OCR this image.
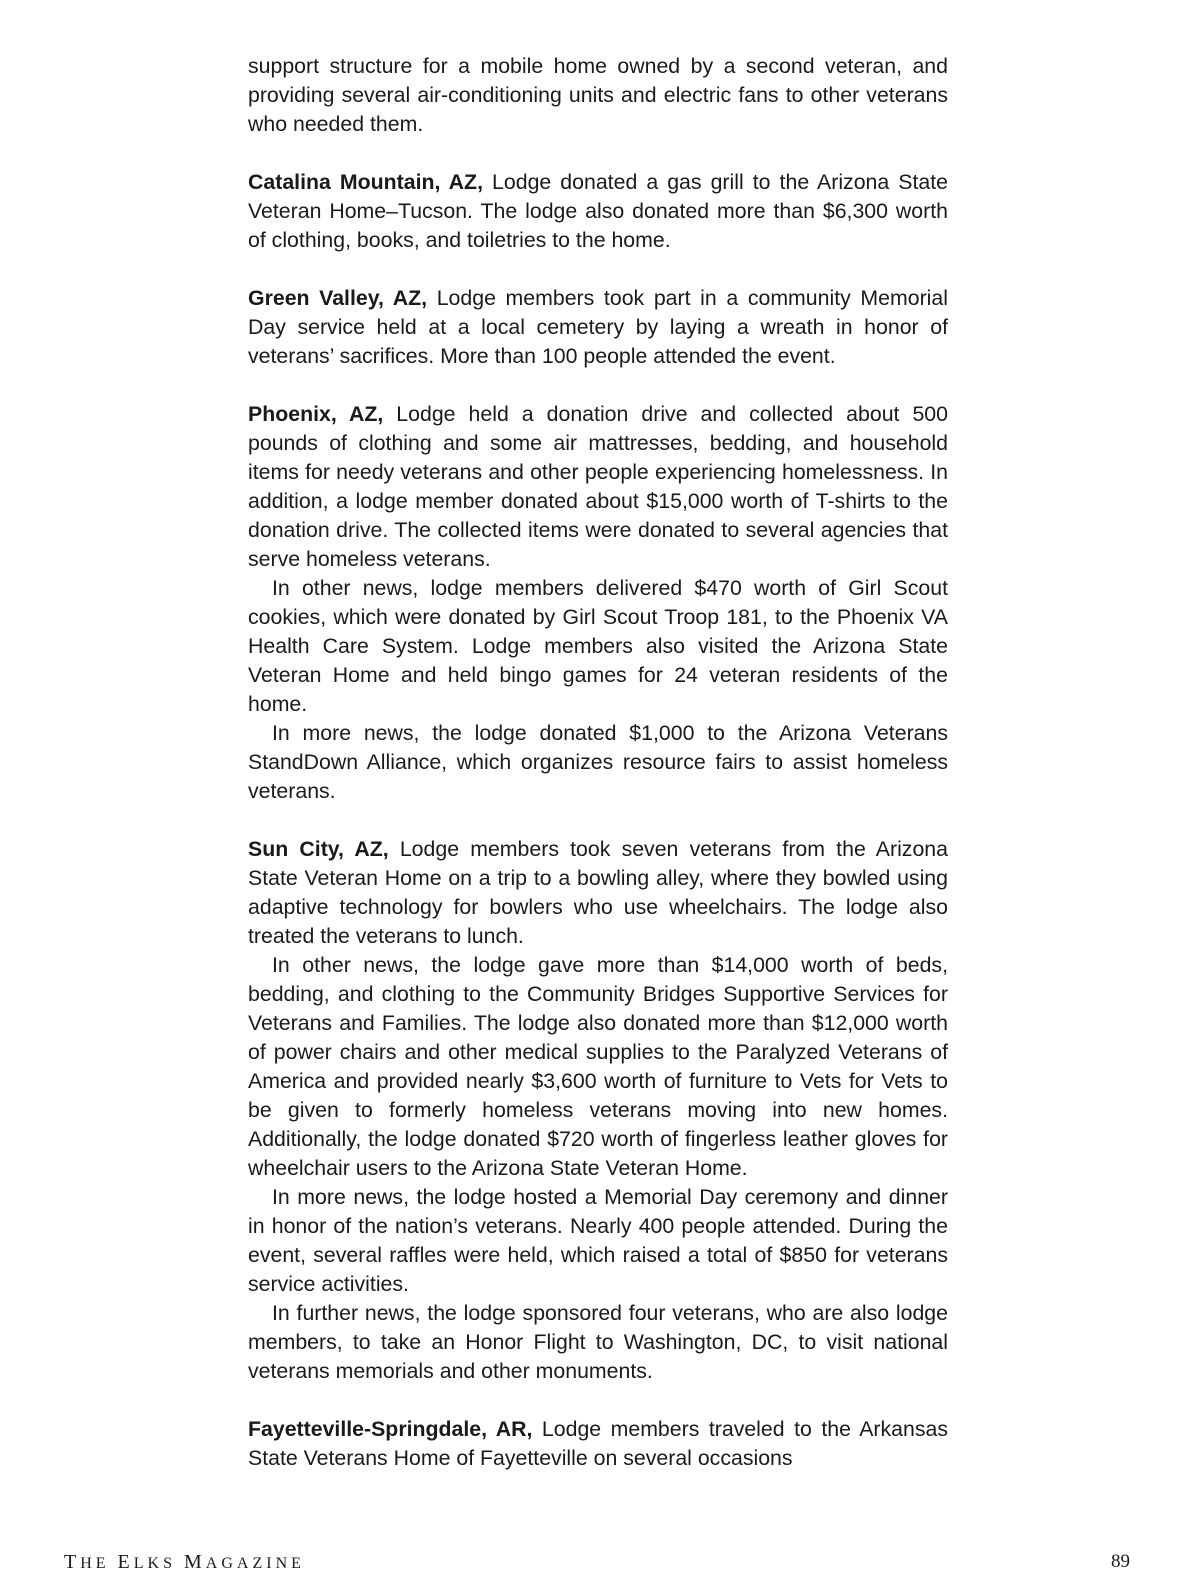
support structure for a mobile home owned by a second veteran, and providing several air-conditioning units and electric fans to other veterans who needed them.

Catalina Mountain, AZ, Lodge donated a gas grill to the Arizona State Veteran Home–Tucson. The lodge also donated more than $6,300 worth of clothing, books, and toiletries to the home.

Green Valley, AZ, Lodge members took part in a community Memorial Day service held at a local cemetery by laying a wreath in honor of veterans’ sacrifices. More than 100 people attended the event.

Phoenix, AZ, Lodge held a donation drive and collected about 500 pounds of clothing and some air mattresses, bedding, and household items for needy veterans and other people experiencing homelessness. In addition, a lodge member donated about $15,000 worth of T-shirts to the donation drive. The collected items were donated to several agencies that serve homeless veterans.

In other news, lodge members delivered $470 worth of Girl Scout cookies, which were donated by Girl Scout Troop 181, to the Phoenix VA Health Care System. Lodge members also visited the Arizona State Veteran Home and held bingo games for 24 veteran residents of the home.

In more news, the lodge donated $1,000 to the Arizona Veterans StandDown Alliance, which organizes resource fairs to assist homeless veterans.

Sun City, AZ, Lodge members took seven veterans from the Arizona State Veteran Home on a trip to a bowling alley, where they bowled using adaptive technology for bowlers who use wheelchairs. The lodge also treated the veterans to lunch.

In other news, the lodge gave more than $14,000 worth of beds, bedding, and clothing to the Community Bridges Supportive Services for Veterans and Families. The lodge also donated more than $12,000 worth of power chairs and other medical supplies to the Paralyzed Veterans of America and provided nearly $3,600 worth of furniture to Vets for Vets to be given to formerly homeless veterans moving into new homes. Additionally, the lodge donated $720 worth of fingerless leather gloves for wheelchair users to the Arizona State Veteran Home.

In more news, the lodge hosted a Memorial Day ceremony and dinner in honor of the nation’s veterans. Nearly 400 people attended. During the event, several raffles were held, which raised a total of $850 for veterans service activities.

In further news, the lodge sponsored four veterans, who are also lodge members, to take an Honor Flight to Washington, DC, to visit national veterans memorials and other monuments.

Fayetteville-Springdale, AR, Lodge members traveled to the Arkansas State Veterans Home of Fayetteville on several occasions

THE ELKS MAGAZINE	89
